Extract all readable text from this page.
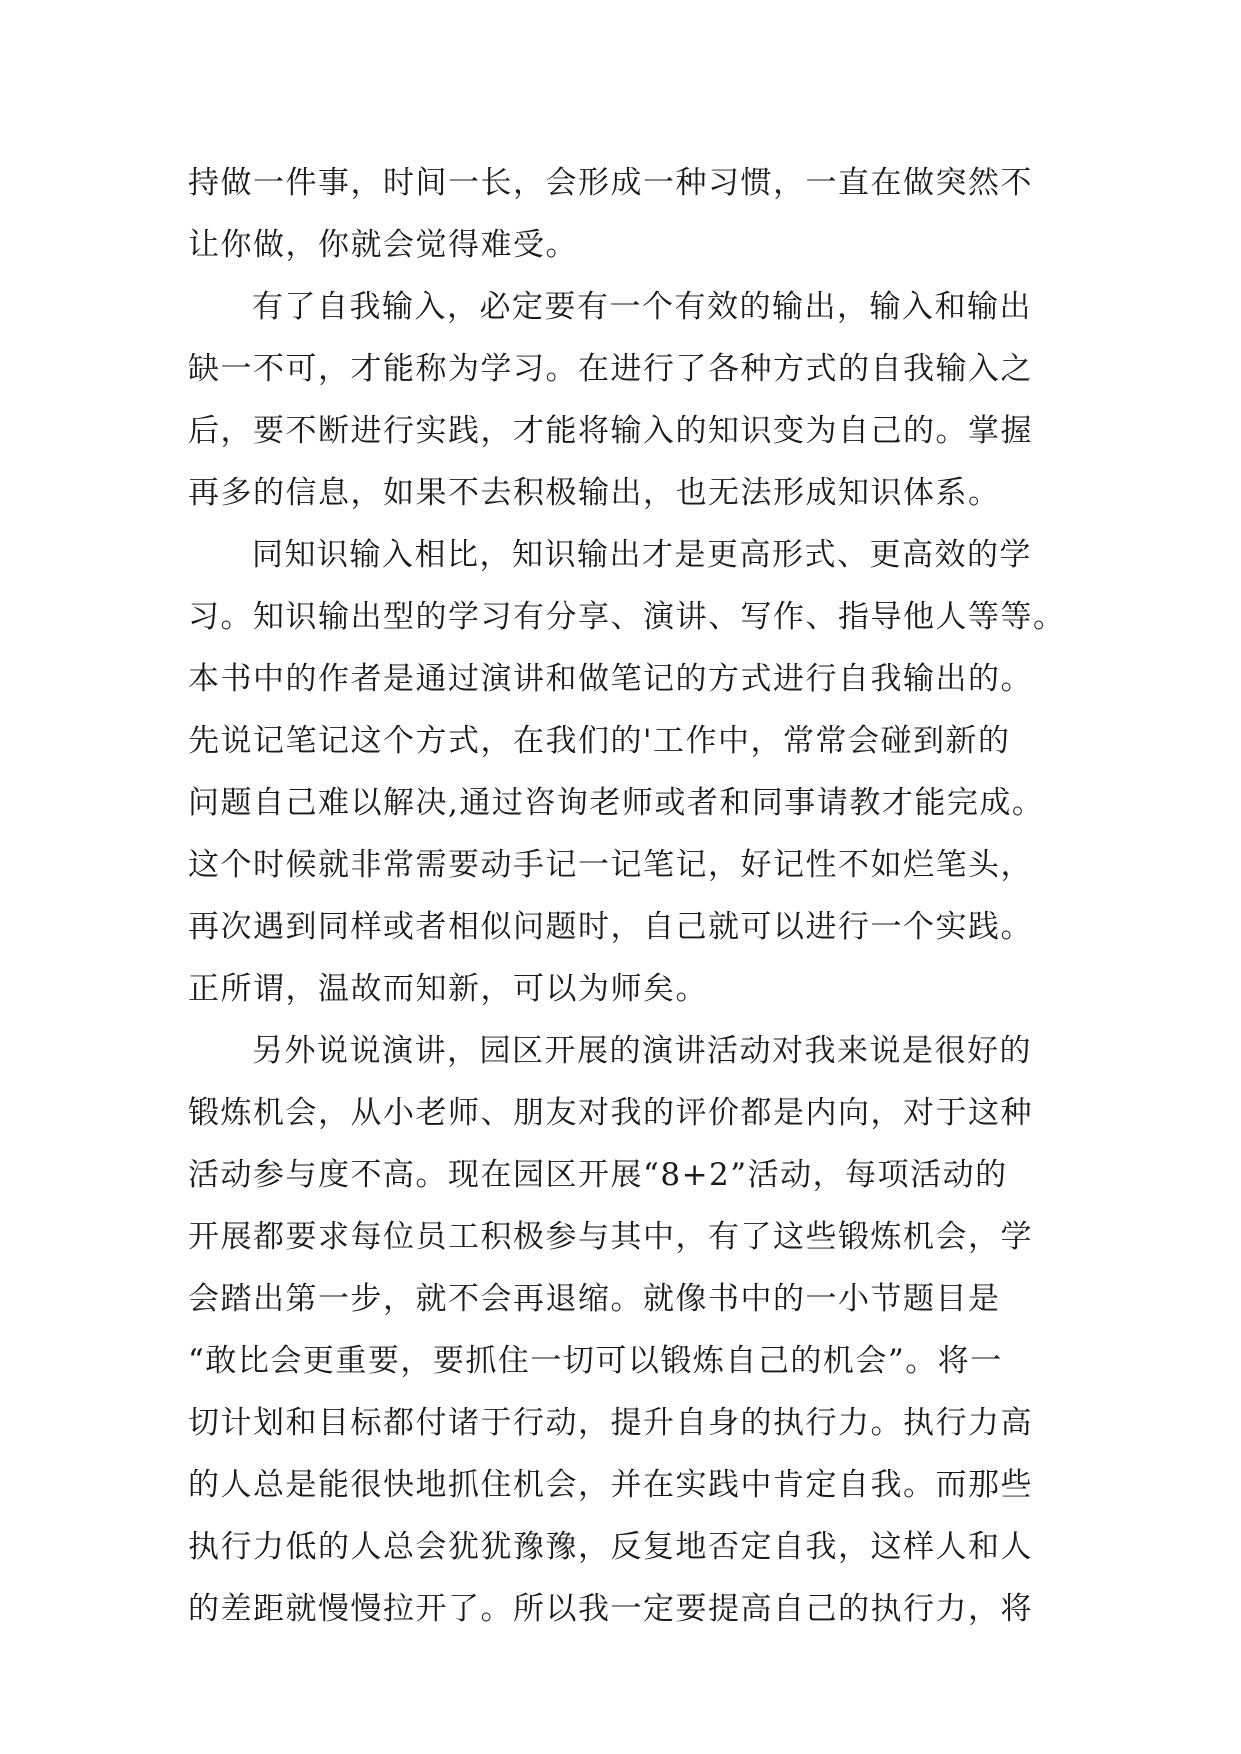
持做一件事，时间一长，会形成一种习惯，一直在做突然不
让你做，你就会觉得难受。
有了自我输入，必定要有一个有效的输出，输入和输出
缺一不可，才能称为学习。在进行了各种方式的自我输入之
后，要不断进行实践，才能将输入的知识变为自己的。掌握
再多的信息，如果不去积极输出，也无法形成知识体系。
同知识输入相比，知识输出才是更高形式、更高效的学
习。知识输出型的学习有分享、演讲、写作、指导他人等等。
本书中的作者是通过演讲和做笔记的方式进行自我输出的。
先说记笔记这个方式，在我们的'工作中，常常会碰到新的
问题自己难以解决,通过咨询老师或者和同事请教才能完成。
这个时候就非常需要动手记一记笔记，好记性不如烂笔头，
再次遇到同样或者相似问题时，自己就可以进行一个实践。
正所谓，温故而知新，可以为师矣。
另外说说演讲，园区开展的演讲活动对我来说是很好的
锻炼机会，从小老师、朋友对我的评价都是内向，对于这种
活动参与度不高。现在园区开展“8+2”活动，每项活动的
开展都要求每位员工积极参与其中，有了这些锻炼机会，学
会踏出第一步，就不会再退缩。就像书中的一小节题目是
“敢比会更重要，要抓住一切可以锻炼自己的机会”。将一
切计划和目标都付诸于行动，提升自身的执行力。执行力高
的人总是能很快地抓住机会，并在实践中肯定自我。而那些
执行力低的人总会犹犹豫豫，反复地否定自我，这样人和人
的差距就慢慢拉开了。所以我一定要提高自己的执行力，将
